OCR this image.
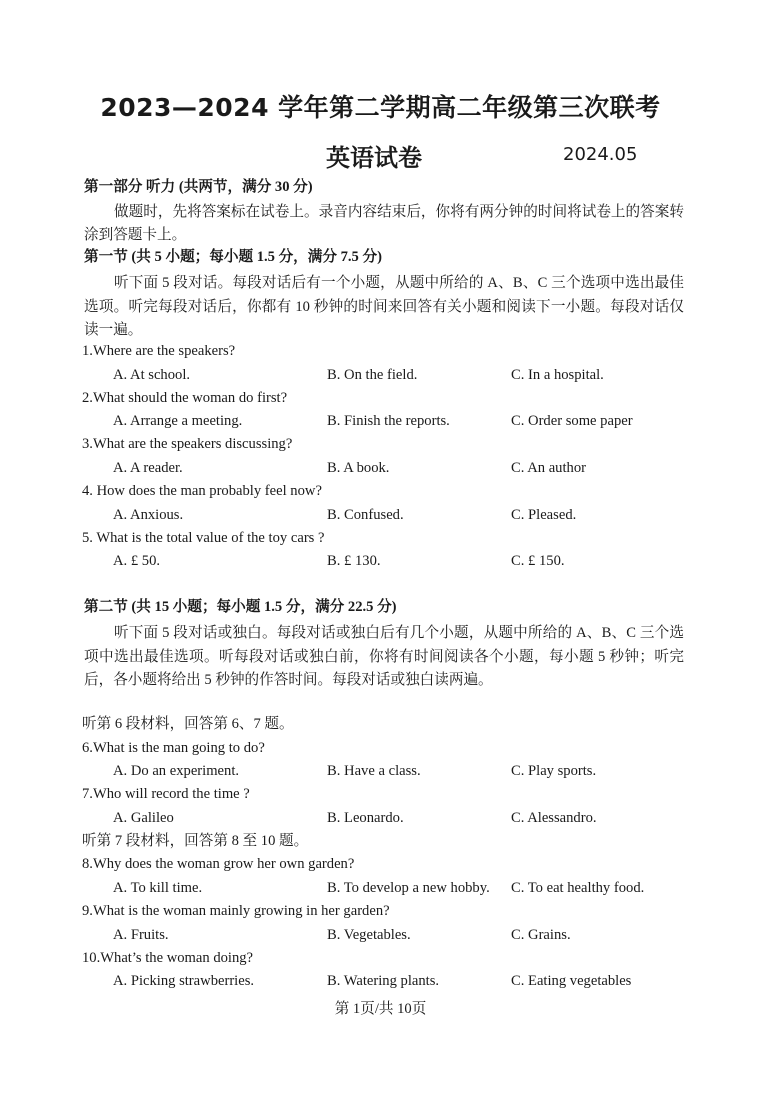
2023—2024 学年第二学期高二年级第三次联考
英语试卷	2024.05
第一部分 听力 (共两节，满分 30 分)
做题时，先将答案标在试卷上。录音内容结束后，你将有两分钟的时间将试卷上的答案转涂到答题卡上。
第一节 (共 5 小题；每小题 1.5 分，满分 7.5 分)
听下面 5 段对话。每段对话后有一个小题，从题中所给的 A、B、C 三个选项中选出最佳选项。听完每段对话后，你都有 10 秒钟的时间来回答有关小题和阅读下一小题。每段对话仅读一遍。
1.Where are the speakers?
A. At school.	B. On the field.	C. In a hospital.
2.What should the woman do first?
A. Arrange a meeting.	B. Finish the reports.	C. Order some paper
3.What are the speakers discussing?
A. A reader.	B. A book.	C. An author
4. How does the man probably feel now?
A. Anxious.	B. Confused.	C. Pleased.
5. What is the total value of the toy cars ?
A. £ 50.	B. £ 130.	C. £ 150.
第二节 (共 15 小题；每小题 1.5 分，满分 22.5 分)
听下面 5 段对话或独白。每段对话或独白后有几个小题，从题中所给的 A、B、C 三个选项中选出最佳选项。听每段对话或独白前，你将有时间阅读各个小题，每小题 5 秒钟；听完后，各小题将给出 5 秒钟的作答时间。每段对话或独白读两遍。
听第 6 段材料，回答第 6、7 题。
6.What is the man going to do?
A. Do an experiment.	B. Have a class.	C. Play sports.
7.Who will record the time ?
A. Galileo	B. Leonardo.	C. Alessandro.
听第 7 段材料，回答第 8 至 10 题。
8.Why does the woman grow her own garden?
A. To kill time.	B. To develop a new hobby. C. To eat healthy food.
9.What is the woman mainly growing in her garden?
A. Fruits.	B. Vegetables.	C. Grains.
10.What’s the woman doing?
A. Picking strawberries.	B. Watering plants.	C. Eating vegetables
第 1页/共 10页
